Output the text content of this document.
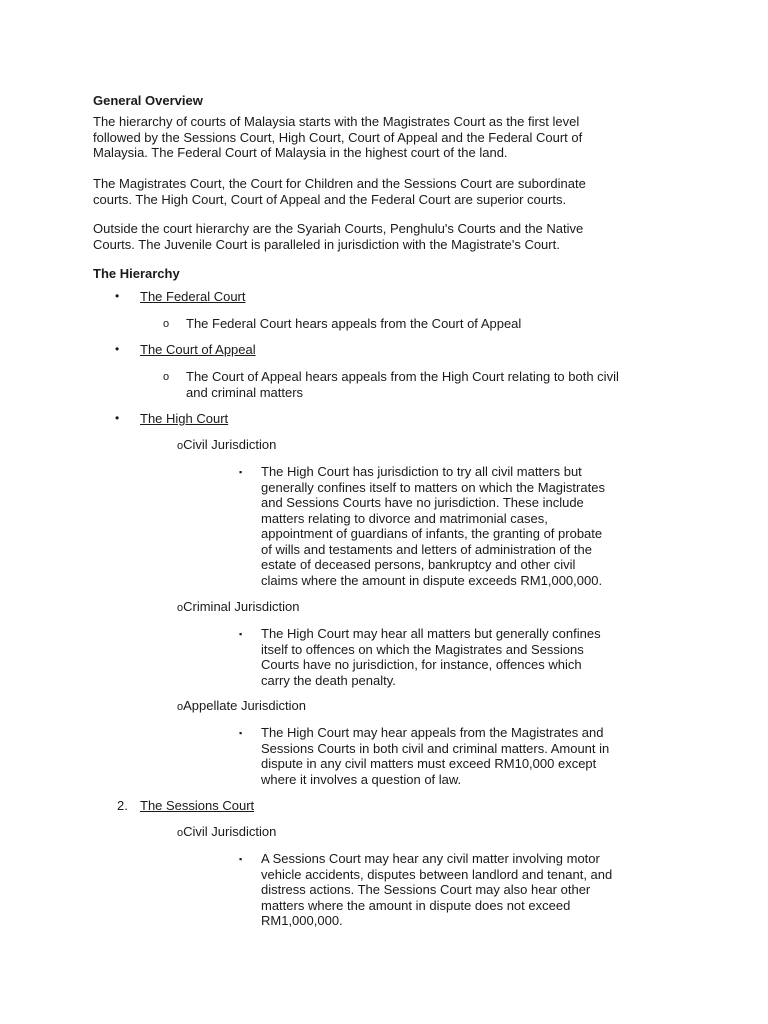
General Overview
The hierarchy of courts of Malaysia starts with the Magistrates Court as the first level
followed by the Sessions Court, High Court, Court of Appeal and the Federal Court of
Malaysia. The Federal Court of Malaysia in the highest court of the land.
The Magistrates Court, the Court for Children and the Sessions Court are subordinate
courts. The High Court, Court of Appeal and the Federal Court are superior courts.
Outside the court hierarchy are the Syariah Courts, Penghulu's Courts and the Native
Courts. The Juvenile Court is paralleled in jurisdiction with the Magistrate's Court.
The Hierarchy
• The Federal Court
o The Federal Court hears appeals from the Court of Appeal
• The Court of Appeal
o The Court of Appeal hears appeals from the High Court relating to both civil
and criminal matters
• The High Court
oCivil Jurisdiction
▪ The High Court has jurisdiction to try all civil matters but
generally confines itself to matters on which the Magistrates
and Sessions Courts have no jurisdiction. These include
matters relating to divorce and matrimonial cases,
appointment of guardians of infants, the granting of probate
of wills and testaments and letters of administration of the
estate of deceased persons, bankruptcy and other civil
claims where the amount in dispute exceeds RM1,000,000.
oCriminal Jurisdiction
▪ The High Court may hear all matters but generally confines
itself to offences on which the Magistrates and Sessions
Courts have no jurisdiction, for instance, offences which
carry the death penalty.
oAppellate Jurisdiction
▪ The High Court may hear appeals from the Magistrates and
Sessions Courts in both civil and criminal matters. Amount in
dispute in any civil matters must exceed RM10,000 except
where it involves a question of law.
2. The Sessions Court
oCivil Jurisdiction
▪ A Sessions Court may hear any civil matter involving motor
vehicle accidents, disputes between landlord and tenant, and
distress actions. The Sessions Court may also hear other
matters where the amount in dispute does not exceed
RM1,000,000.
